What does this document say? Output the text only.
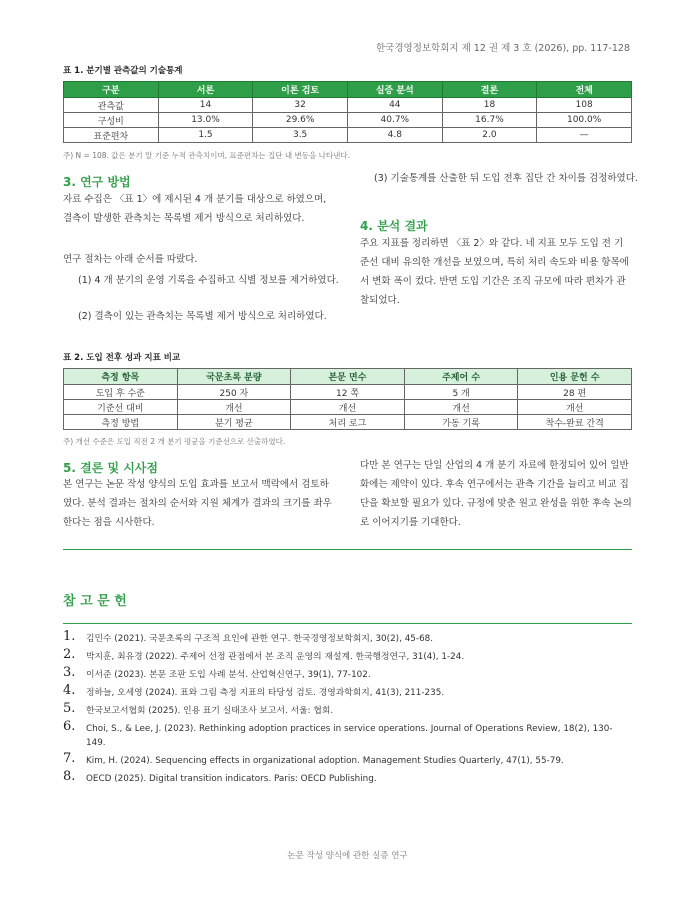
한국경영정보학회지 제 12 권 제 3 호 (2026), pp. 117-128
표 1. 분기별 관측값의 기술통계
구분	서론	이론 검토	실증 분석	결론	전체
관측값	14	32	44	18	108
구성비	13.0%	29.6%	40.7%	16.7%	100.0%
표준편차	1.5	3.5	4.8	2.0	—
주) N = 108. 값은 분기 말 기준 누적 관측치이며, 표준편차는 집단 내 변동을 나타낸다.
3. 연구 방법

자료 수집은 〈표 1〉에 제시된 4 개 분기를 대상으로 하였으며, 결측이 발생한 관측치는 목록별 제거 방식으로 처리하였다.

연구 절차는 아래 순서를 따랐다.

(1) 4 개 분기의 운영 기록을 수집하고 식별 정보를 제거하였다.
(2) 결측이 있는 관측치는 목록별 제거 방식으로 처리하였다.
(3) 기술통계를 산출한 뒤 도입 전후 집단 간 차이를 검정하였다.
4. 분석 결과

주요 지표를 정리하면 〈표 2〉와 같다. 네 지표 모두 도입 전 기준선 대비 유의한 개선을 보였으며, 특히 처리 속도와 비용 항목에서 변화 폭이 컸다. 반면 도입 기간은 조직 규모에 따라 편차가 관찰되었다.

표 2. 도입 전후 성과 지표 비교
측정 항목	국문초록 분량	본문 면수	주제어 수	인용 문헌 수
도입 후 수준	250 자	12 쪽	5 개	28 편
기준선 대비	개선	개선	개선	개선
측정 방법	분기 평균	처리 로그	가동 기록	착수-완료 간격
주) 개선 수준은 도입 직전 2 개 분기 평균을 기준선으로 산출하였다.
5. 결론 및 시사점

본 연구는 논문 작성 양식의 도입 효과를 보고서 맥락에서 검토하였다. 분석 결과는 절차의 순서와 지원 체계가 결과의 크기를 좌우한다는 점을 시사한다.

다만 본 연구는 단일 산업의 4 개 분기 자료에 한정되어 있어 일반화에는 제약이 있다. 후속 연구에서는 관측 기간을 늘리고 비교 집단을 확보할 필요가 있다. 규정에 맞춘 원고 완성을 위한 후속 논의로 이어지기를 기대한다.

참 고 문 헌
1. 김민수 (2021). 국문초록의 구조적 요인에 관한 연구. 한국경영정보학회지, 30(2), 45-68.
2. 박지훈, 최유경 (2022). 주제어 선정 관점에서 본 조직 운영의 재설계. 한국행정연구, 31(4), 1-24.
3. 이서준 (2023). 본문 조판 도입 사례 분석. 산업혁신연구, 39(1), 77-102.
4. 정하늘, 오세영 (2024). 표와 그림 측정 지표의 타당성 검토. 경영과학회지, 41(3), 211-235.
5. 한국보고서협회 (2025). 인용 표기 실태조사 보고서. 서울: 협회.
6. Choi, S., & Lee, J. (2023). Rethinking adoption practices in service operations. Journal of Operations Review, 18(2), 130-149.
7. Kim, H. (2024). Sequencing effects in organizational adoption. Management Studies Quarterly, 47(1), 55-79.
8. OECD (2025). Digital transition indicators. Paris: OECD Publishing.
논문 작성 양식에 관한 실증 연구
